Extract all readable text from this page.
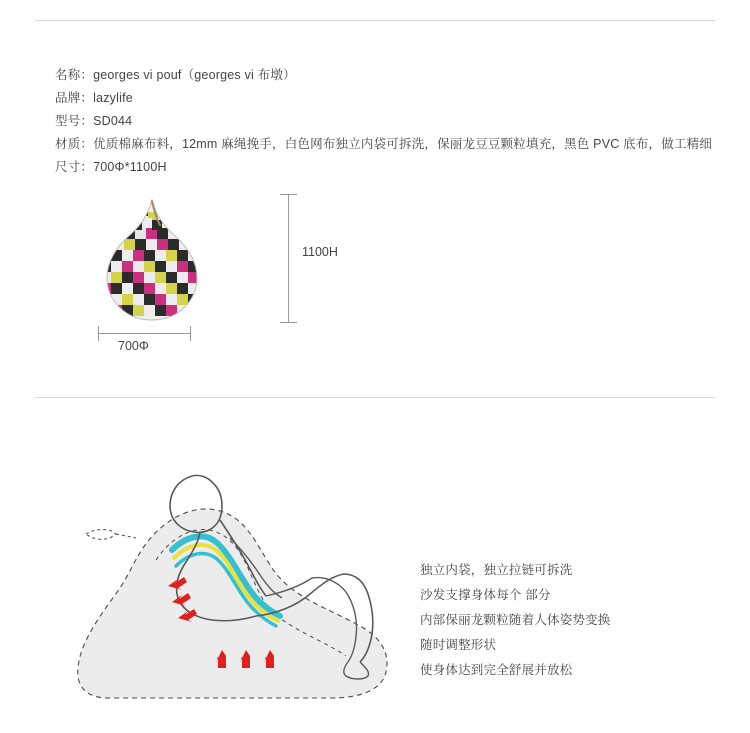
名称：georges vi pouf（georges vi 布墩）
品牌：lazylife
型号：SD044
材质：优质棉麻布料，12mm 麻绳挽手，白色网布独立内袋可拆洗，保丽龙豆豆颗粒填充，黑色 PVC 底布，做工精细
尺寸：700Φ*1100H
1100H
700Φ
独立内袋，独立拉链可拆洗
沙发支撑身体每个 部分
内部保丽龙颗粒随着人体姿势变换
随时调整形状
使身体达到完全舒展并放松
